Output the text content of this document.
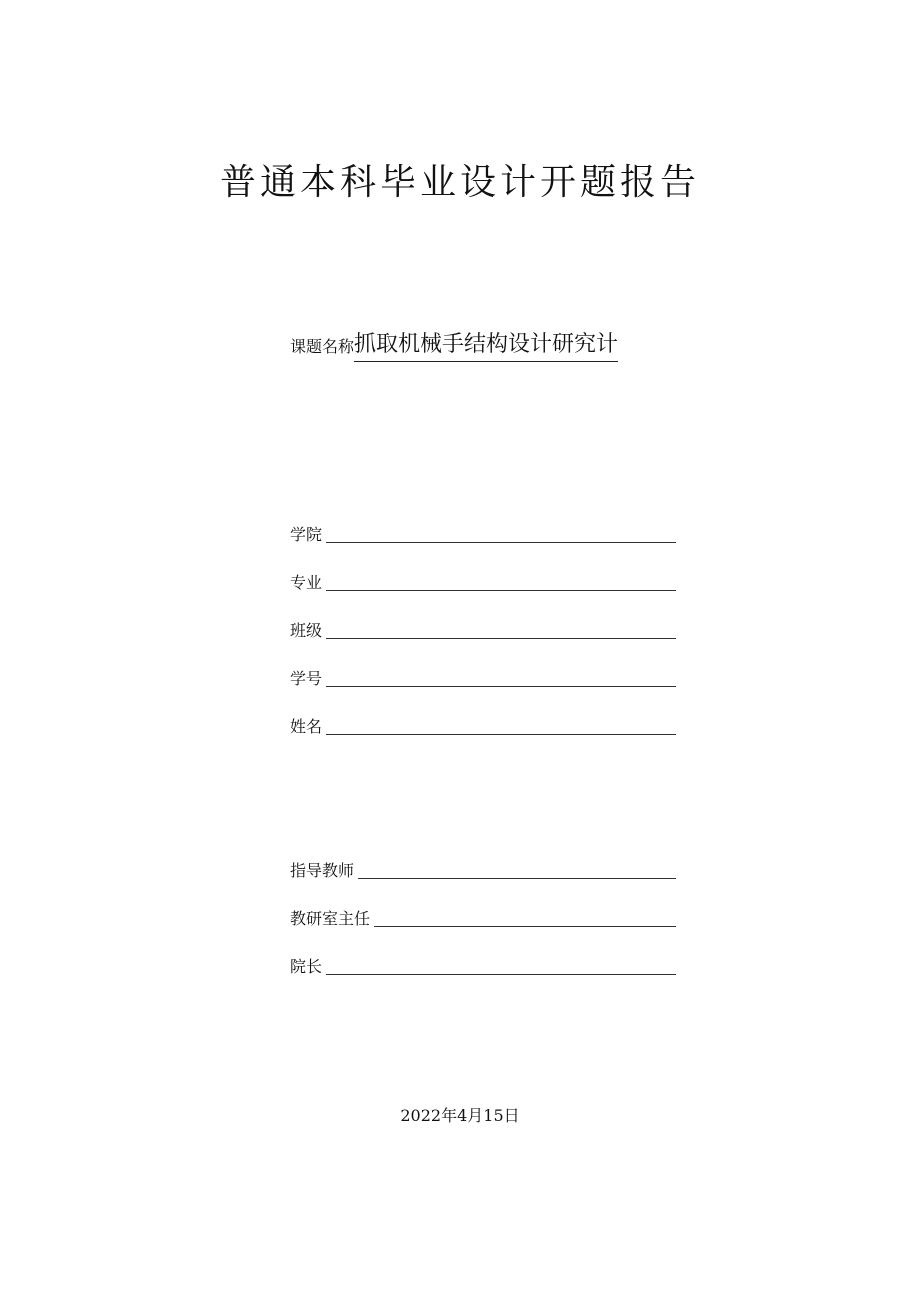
普通本科毕业设计开题报告
课题名称 抓取机械手结构设计研究计
学院
专业
班级
学号
姓名
指导教师
教研室主任
院长
2022年4月15日
